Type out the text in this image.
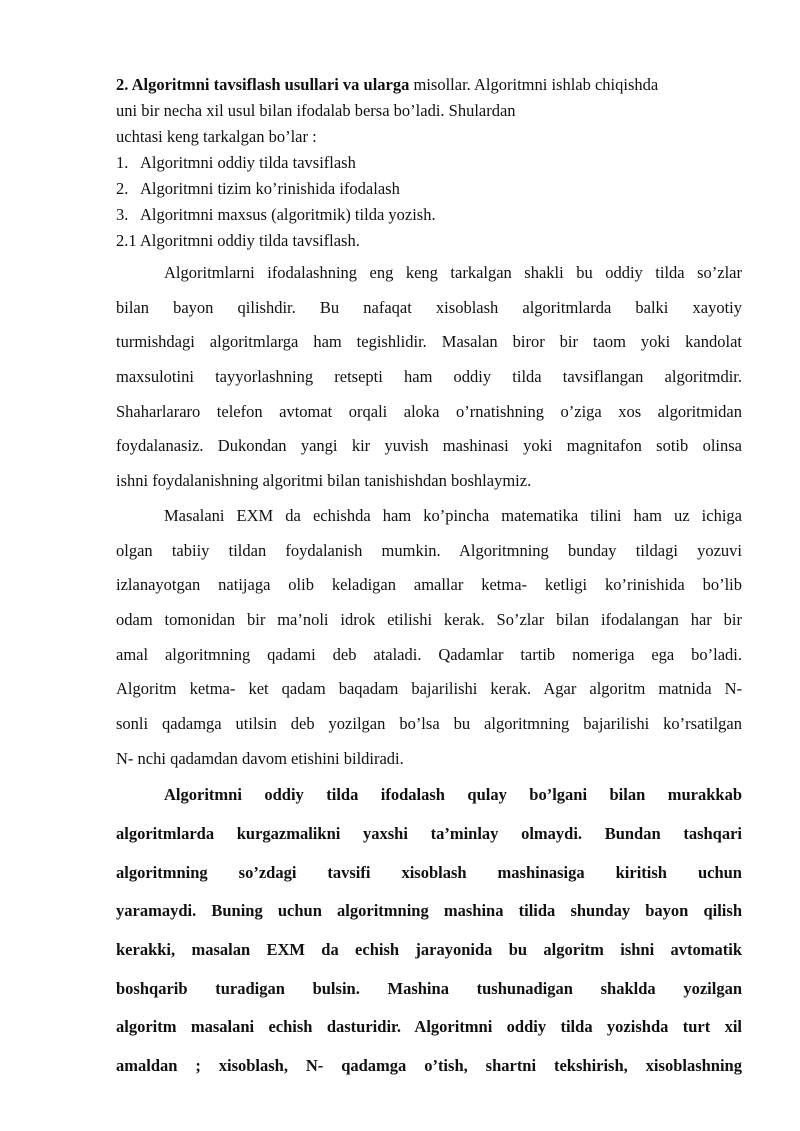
2. Algoritmni tavsiflash usullari va ularga misollar. Algoritmni ishlab chiqishda
uni bir necha xil usul bilan ifodalab bersa bo’ladi. Shulardan
uchtasi keng tarkalgan bo’lar :
1. Algoritmni oddiy tilda tavsiflash
2. Algoritmni tizim ko’rinishida ifodalash
3. Algoritmni maxsus (algoritmik) tilda yozish.
2.1 Algoritmni oddiy tilda tavsiflash.
Algoritmlarni ifodalashning eng keng tarkalgan shakli bu oddiy tilda so’zlar
bilan bayon qilishdir. Bu nafaqat xisoblash algoritmlarda balki xayotiy
turmishdagi algoritmlarga ham tegishlidir. Masalan biror bir taom yoki kandolat
maxsulotini tayyorlashning retsepti ham oddiy tilda tavsiflangan algoritmdir.
Shaharlararo telefon avtomat orqali aloka o’rnatishning o’ziga xos algoritmidan
foydalanasiz. Dukondan yangi kir yuvish mashinasi yoki magnitafon sotib olinsa
ishni foydalanishning algoritmi bilan tanishishdan boshlaymiz.
Masalani EXM da echishda ham ko’pincha matematika tilini ham uz ichiga
olgan tabiiy tildan foydalanish mumkin. Algoritmning bunday tildagi yozuvi
izlanayotgan natijaga olib keladigan amallar ketma- ketligi ko’rinishida bo’lib
odam tomonidan bir ma’noli idrok etilishi kerak. So’zlar bilan ifodalangan har bir
amal algoritmning qadami deb ataladi. Qadamlar tartib nomeriga ega bo’ladi.
Algoritm ketma- ket qadam baqadam bajarilishi kerak. Agar algoritm matnida N-
sonli qadamga utilsin deb yozilgan bo’lsa bu algoritmning bajarilishi ko’rsatilgan
N- nchi qadamdan davom etishini bildiradi.
Algoritmni oddiy tilda ifodalash qulay bo’lgani bilan murakkab
algoritmlarda kurgazmalikni yaxshi ta’minlay olmaydi. Bundan tashqari
algoritmning so’zdagi tavsifi xisoblash mashinasiga kiritish uchun
yaramaydi. Buning uchun algoritmning mashina tilida shunday bayon qilish
kerakki, masalan EXM da echish jarayonida bu algoritm ishni avtomatik
boshqarib turadigan bulsin. Mashina tushunadigan shaklda yozilgan
algoritm masalani echish dasturidir. Algoritmni oddiy tilda yozishda turt xil
amaldan ; xisoblash, N- qadamga o’tish, shartni tekshirish, xisoblashning
